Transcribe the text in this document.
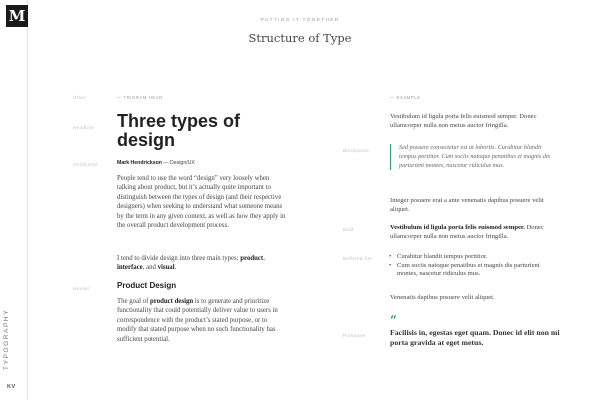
M
TYPOGRAPHY
KV
PUTTING IT TOGETHER
Structure of Type
Other	— TRIGRAM HEAD	— EXAMPLE
Headline
Attribution
Header
Blockquote
Bold
Bulleted list
Pullquote
Three types of design
Mark Hendrickson — Design/UX

People tend to use the word “design” very loosely when talking about product, but it’s actually quite important to distinguish between the types of design (and their respective designers) when seeking to understand what someone means by the term in any given context, as well as how they apply in the overall product development process.

I tend to divide design into three main types: product, interface, and visual.

Product Design

The goal of product design is to generate and prioritize functionality that could potentially deliver value to users in correspondence with the product’s stated purpose, or to modify that stated purpose when no such functionality has sufficient potential.

Vestibulum id ligula porta felis euismod semper. Donec ullamcorper nulla non metus auctor fringilla.

Sed posuere consectetur est at lobortis. Curabitur blandit tempus porttitor. Cum sociis natoque penatibus et magnis dis parturient montes, nascetur ridiculus mus.

Integer posuere erat a ante venenatis dapibus posuere velit aliquet.

Vestibulum id ligula porta felis euismod semper. Donec ullamcorper nulla non metus auctor fringilla.

• Curabitur blandit tempus porttitor.
• Cum sociis natoque penatibus et magnis dis parturient montes, nascetur ridiculus mus.

Venenatis dapibus posuere velit aliquet.

“

Facilisis in, egestas eget quam. Donec id elit non mi porta gravida at eget metus.
